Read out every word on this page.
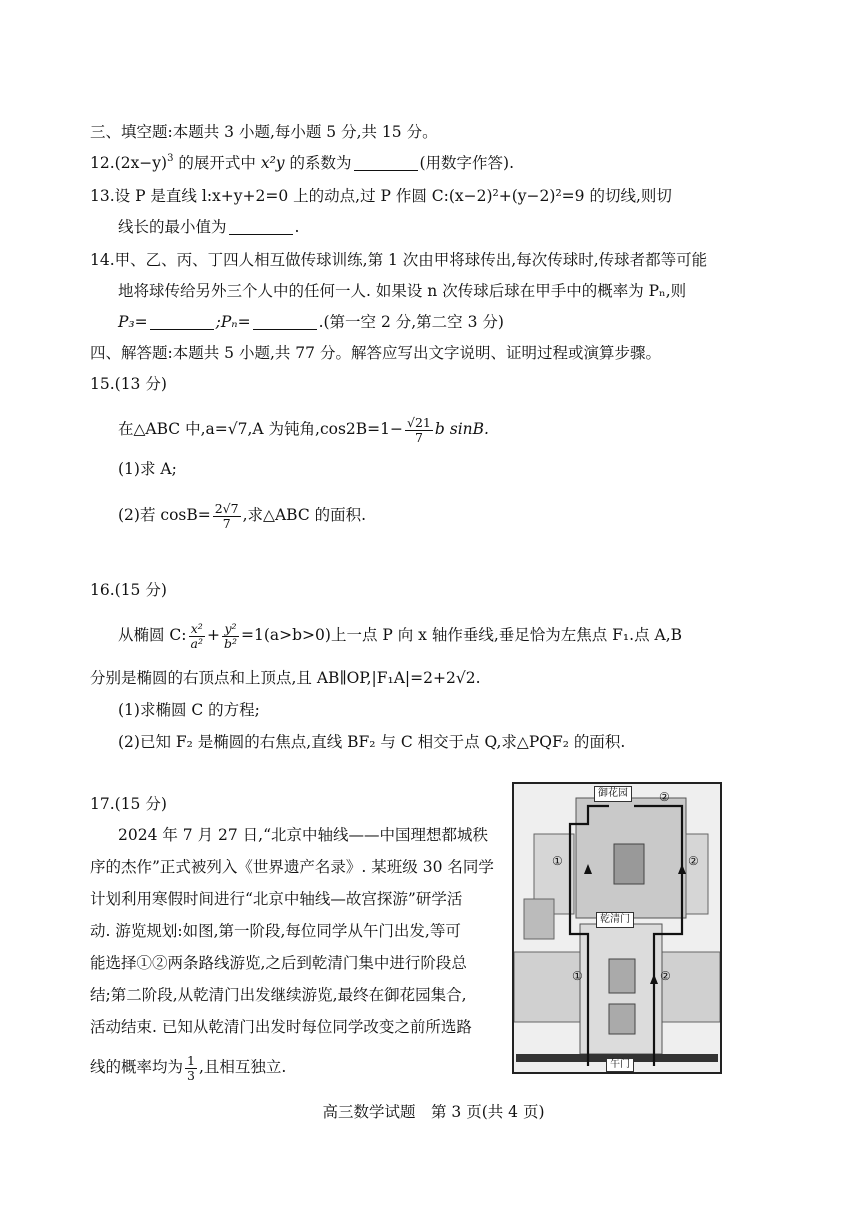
三、填空题:本题共 3 小题,每小题 5 分,共 15 分。
$12.(2x-y)^3$ 的展开式中 x²y 的系数为	(用数字作答).
13.设 P 是直线 l:x+y+2=0 上的动点,过 P 作圆 C:(x−2)²+(y−2)²=9 的切线,则切
线长的最小值为	.
14.甲、乙、丙、丁四人相互做传球训练,第 1 次由甲将球传出,每次传球时,传球者都等可能
地将球传给另外三个人中的任何一人. 如果设 n 次传球后球在甲手中的概率为 Pₙ,则
P₃=	;Pₙ=	.(第一空 2 分,第二空 3 分)
四、解答题:本题共 5 小题,共 77 分。解答应写出文字说明、证明过程或演算步骤。
15.(13 分)
在△ABC 中,a=√7,A 为钝角$,\cos 2B=1- \frac{√21}{7}$ b sinB.
(1)求 A;
(2)若 $\cos B= \frac{2√7}{7}$ ,求△ABC 的面积.
16.(15 分)
从椭圆 C: $\frac{\text{x²}}{\text{a²}} + \frac{\text{y²}}{\text{b²}} =1(a>b>0)$上一点 P 向 x 轴作垂线,垂足恰为左焦点 F₁.点 A,B
分别是椭圆的右顶点和上顶点,且 AB∥OP,|F₁A|=2+2√2.
(1)求椭圆 C 的方程;
(2)已知 F₂ 是椭圆的右焦点,直线 BF₂ 与 C 相交于点 Q,求△PQF₂ 的面积.
17.(15 分)
2024 年 7 月 27 日,“北京中轴线——中国理想都城秩
序的杰作”正式被列入《世界遗产名录》. 某班级 30 名同学
计划利用寒假时间进行“北京中轴线—故宫探游”研学活
动. 游览规划:如图,第一阶段,每位同学从午门出发,等可
能选择①②两条路线游览,之后到乾清门集中进行阶段总
结;第二阶段,从乾清门出发继续游览,最终在御花园集合,
活动结束. 已知从乾清门出发时每位同学改变之前所选路
线的概率均为 $\frac{1}{3}$ ,且相互独立.
御花园	②
①	②
乾清门
①	②
午门
高三数学试题　第 3 页(共 4 页)
